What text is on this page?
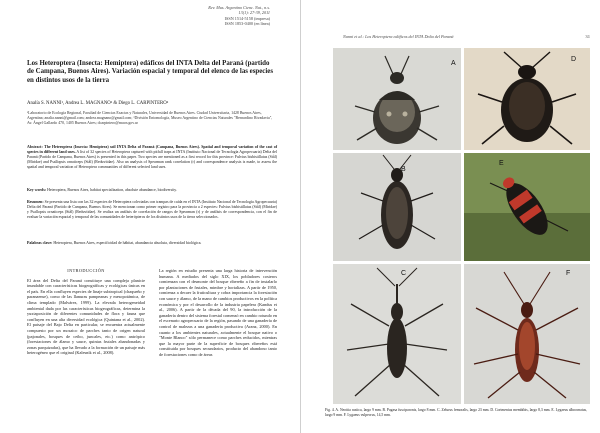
Rev. Mus. Argentino Cienc. Nat., n.s.
13(1): 27-39, 2011
ISSN 1514-5158 (impresa)
ISSN 1853-0400 (en línea)
Los Heteroptera (Insecta: Hemiptera) edáficos del INTA Delta del Paraná (partido de Campana, Buenos Aires). Variación espacial y temporal del elenco de las especies en distintos usos de la tierra
Analía S. NANNI¹, Andrea L. MAGNANO¹ & Diego L. CARPINTERO²
¹Laboratorio de Ecología Regional, Facultad de Ciencias Exactas y Naturales, Universidad de Buenos Aires. Ciudad Universitaria, 1428 Buenos Aires, Argentina; analia.nanni@gmail.com; andrea.magnano@gmail.com; ²División Entomología, Museo Argentino de Ciencias Naturales "Bernardino Rivadavia", Av. Ángel Gallardo 470, 1405 Buenos Aires; dcarpintero@macn.gov.ar
Abstract: The Heteroptera (Insecta: Hemiptera) soil INTA Delta of Paraná (Campana, Buenos Aires). Spatial and temporal variation of the cast of species in different land uses. A list of 32 species of Heteroptera captured with pitfall traps at INTA (Instituto Nacional de Tecnología Agropecuaria) Delta del Paraná (Partido de Campana, Buenos Aires) is presented in this paper. Two species are mentioned as a first record for this province: Fulvius bisbistillatus (Stål) (Miridae) and Psallopsis ornaticeps (Stål) (Reduviidae). Also an analysis of Spearman rank correlation (r) and correspondence analysis is made, to assess the spatial and temporal variation of Heteroptera communities of different selected land uses.
Key words: Heteroptera, Buenos Aires, habitat specialization, absolute abundance, biodiversity.
Resumen: Se presenta una lista con las 32 especies de Heteroptera colectadas con trampas de caída en el INTA (Instituto Nacional de Tecnología Agropecuaria) Delta del Paraná (Partido de Campana, Buenos Aires). Se mencionan como primer registro para la provincia a 2 especies: Fulvius bisbistillatus (Stål) (Miridae) y Psallopsis ornaticeps (Stål) (Reduviidae). Se realiza un análisis de correlación de rangos de Spearman (r) y de análisis de correspondencia, con el fin de evaluar la variación espacial y temporal de las comunidades de heterópteros de los distintos usos de la tierra seleccionados.
Palabras clave: Heteroptera, Buenos Aires, especificidad de hábitat, abundancia absoluta, diversidad biológica.
INTRODUCCIÓN
El área del Delta del Paraná constituye una compleja planicie inundable con características biogeográficas y ecológicas únicas en el país. En ella confluyen especies de linaje subtropical (chaqueño y paranaense), como de las llanuras pampeanas y mesopotámica, de clima templado (Malvárez, 1999). La elevada heterogeneidad ambiental dada por las características biogeográficas, determina la yuxtaposición de diferentes comunidades de flora y fauna que confluyen en una alta diversidad ecológica (Quintana et al., 2002). El paisaje del Bajo Delta en particular, se encuentra actualmente compuesto por un mosaico de parches tanto de origen natural (pajonales, bosques de ceibo, juncales, etc.) como antrópico (forestaciones de álamo y sauce, quintas frutales abandonadas y zonas parquizadas), que ha llevado a la formación de un paisaje más heterogéneo que el original (Kalesnik et al., 2008).
La región en estudio presenta una larga historia de intervención humana. A mediados del siglo XIX, los pobladores costeros comienzan con el desmonte del bosque ribereño a fin de instalarlo por plantaciones de frutales, mimbre y hortalizas. A partir de 1950, comienza a decaer la fruticultura y cobra importancia la forestación con sauce y álamo, de la mano de cambios productivos en la política económica y por el desarrollo de la industria papelera (Kandus et al., 2006). A partir de la década del 90, la introducción de la ganadería dentro del sistema forestal comenzó en cambio rotundo en el escenario agropecuario de la región, pasando de una ganadería de control de malezas a una ganadería productiva (Aranz, 2000). En cuanto a los ambientes naturales, actualmente el bosque nativo o "Monte Blanco" sólo permanece como parches reducidos, mientras que la mayor parte de la superficie de bosques ribereños está constituida por bosques secundarios, producto del abandono tanto de forestaciones como de áreas
Nanni et al.: Los Heteroptera edáficos del INTA Delta del Paraná	31
A
D
B
E
C	F
Fig. 4. A. Neottia rustica, largo 9 mm. B. Pagasa fusciparonis, largo 8 mm. C. Zelurus femoralis, largo 23 mm. D. Cortmenius membibis, largo 8,3 mm. E. Lygaeus alboornatus, largo 9 mm. F. Lygaeus vulpecrus, 14,5 mm.
